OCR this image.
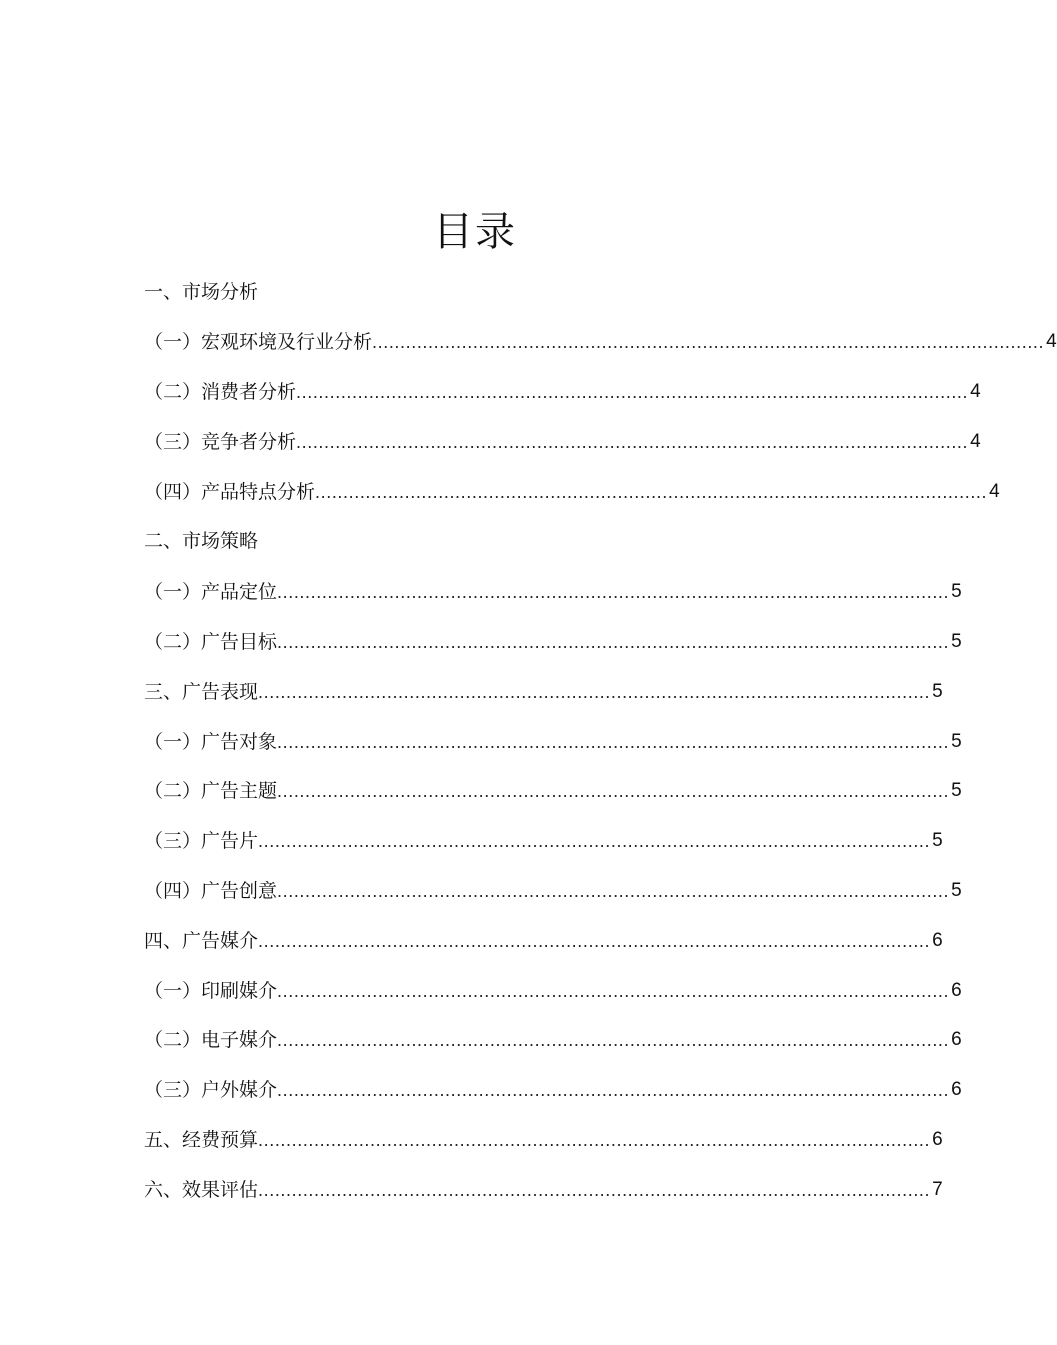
目录
一、市场分析
（一）宏观环境及行业分析 ........................................................................................................................ 4
（二）消费者分析 ........................................................................................................................ 4
（三）竞争者分析 ........................................................................................................................ 4
（四）产品特点分析 ........................................................................................................................ 4
二、市场策略
（一）产品定位 ........................................................................................................................ 5
（二）广告目标 ........................................................................................................................ 5
三、广告表现 ........................................................................................................................ 5
（一）广告对象 ........................................................................................................................ 5
（二）广告主题 ........................................................................................................................ 5
（三）广告片 ........................................................................................................................ 5
（四）广告创意 ........................................................................................................................ 5
四、广告媒介 ........................................................................................................................ 6
（一）印刷媒介 ........................................................................................................................ 6
（二）电子媒介 ........................................................................................................................ 6
（三）户外媒介 ........................................................................................................................ 6
五、经费预算 ........................................................................................................................ 6
六、效果评估 ........................................................................................................................ 7
